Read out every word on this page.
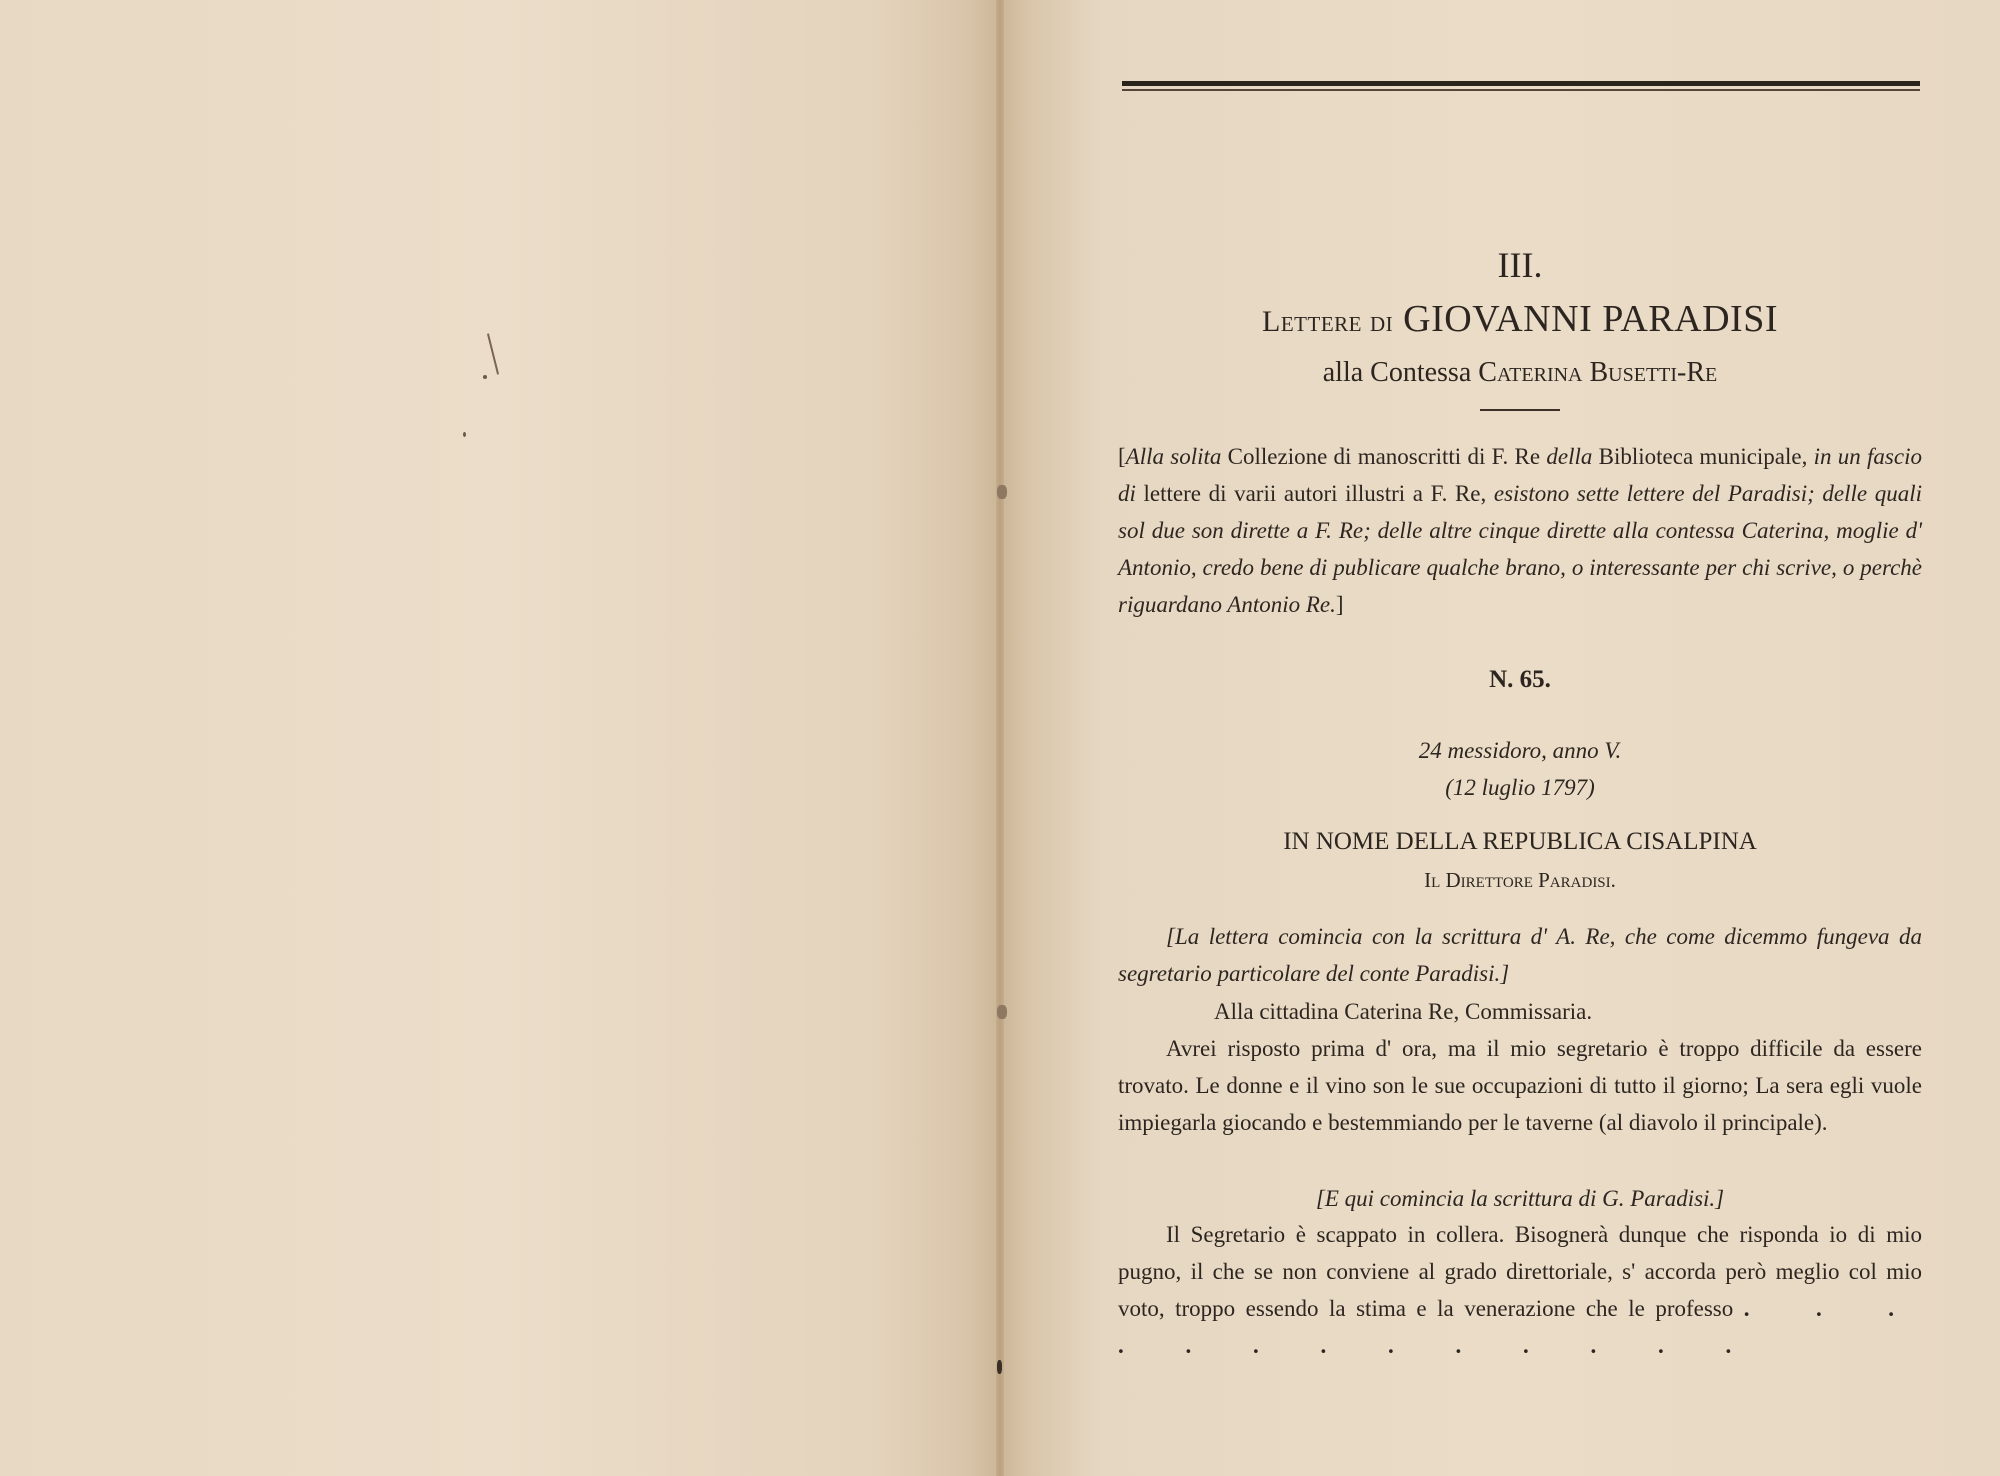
III.
Lettere di GIOVANNI PARADISI
alla Contessa Caterina Busetti-Re
[Alla solita Collezione di manoscritti di F. Re della Biblioteca municipale, in un fascio di lettere di varii autori illustri a F. Re, esistono sette lettere del Paradisi; delle quali sol due son dirette a F. Re; delle altre cinque dirette alla contessa Caterina, moglie d' Antonio, credo bene di publicare qualche brano, o interessante per chi scrive, o perchè riguardano Antonio Re.]
N. 65.
24 messidoro, anno V.
(12 luglio 1797)
IN NOME DELLA REPUBLICA CISALPINA
Il Direttore Paradisi.
[La lettera comincia con la scrittura d' A. Re, che come dicemmo fungeva da segretario particolare del conte Paradisi.]
Alla cittadina Caterina Re, Commissaria.
Avrei risposto prima d' ora, ma il mio segretario è troppo difficile da essere trovato. Le donne e il vino son le sue occupazioni di tutto il giorno; La sera egli vuole impiegarla giocando e bestemmiando per le taverne (al diavolo il principale).
[E qui comincia la scrittura di G. Paradisi.]
Il Segretario è scappato in collera. Bisognerà dunque che risponda io di mio pugno, il che se non conviene al grado direttoriale, s' accorda però meglio col mio voto, troppo essendo la stima e la venerazione che le professo . . . . . . . . . . . . .
